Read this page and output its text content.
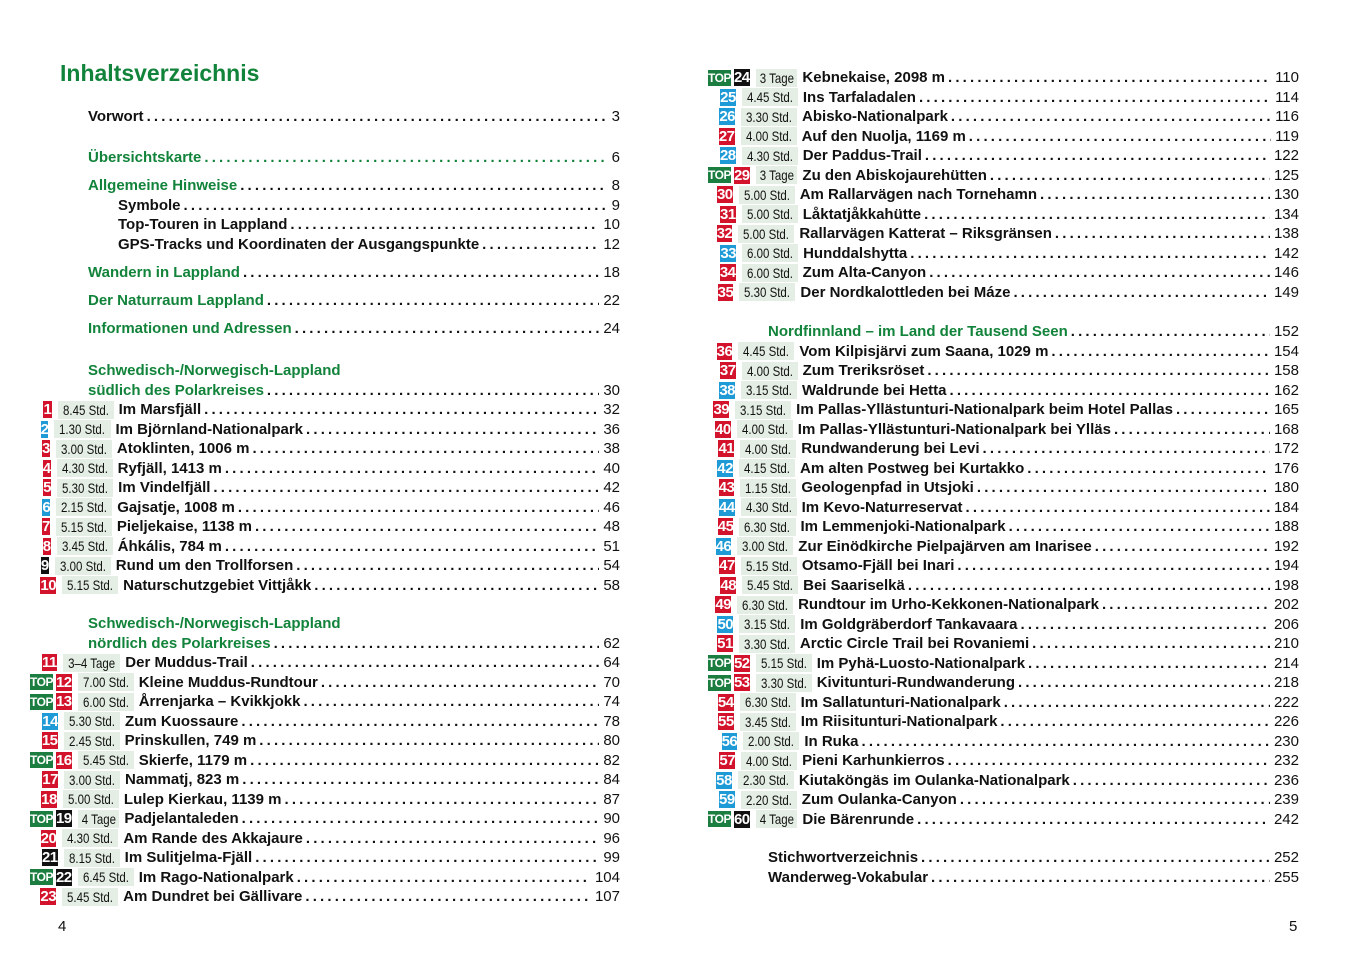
Inhaltsverzeichnis
Vorwort . . .	3
Übersichtskarte . . .	6
Allgemeine Hinweise . . .	8
Symbole . . .	9
Top-Touren in Lappland . . .	10
GPS-Tracks und Koordinaten der Ausgangspunkte . . .	12
Wandern in Lappland . . .	18
Der Naturraum Lappland . . .	22
Informationen und Adressen . . .	24
Schwedisch-/Norwegisch-Lappland
südlich des Polarkreises . . .	30
1 8.45 Std. Im Marsfjäll . . .	32
2 1.30 Std. Im Björnland-Nationalpark . . .	36
3 3.00 Std. Atoklinten, 1006 m . . .	38
4 4.30 Std. Ryfjäll, 1413 m . . .	40
5 5.30 Std. Im Vindelfjäll . . .	42
6 2.15 Std. Gajsatje, 1008 m . . .	46
7 5.15 Std. Pieljekaise, 1138 m . . .	48
8 3.45 Std. Áhkális, 784 m . . .	51
9 3.00 Std. Rund um den Trollforsen . . .	54
10 5.15 Std. Naturschutzgebiet Vittjåkk . . .	58
Schwedisch-/Norwegisch-Lappland
nördlich des Polarkreises . . .	62
11 3–4 Tage Der Muddus-Trail . . .	64
TOP 12 7.00 Std. Kleine Muddus-Rundtour . . .	70
TOP 13 6.00 Std. Årrenjarka – Kvikkjokk . . .	74
14 5.30 Std. Zum Kuossaure . . .	78
15 2.45 Std. Prinskullen, 749 m . . .	80
TOP 16 5.45 Std. Skierfe, 1179 m . . .	82
17 3.00 Std. Nammatj, 823 m . . .	84
18 5.00 Std. Lulep Kierkau, 1139 m . . .	87
TOP 19 4 Tage Padjelantaleden . . .	90
20 4.30 Std. Am Rande des Akkajaure . . .	96
21 8.15 Std. Im Sulitjelma-Fjäll . . .	99
TOP 22 6.45 Std. Im Rago-Nationalpark . . .	104
23 5.45 Std. Am Dundret bei Gällivare . . .	107
4
TOP 24 3 Tage Kebnekaise, 2098 m . . .	110
25 4.45 Std. Ins Tarfaladalen . . .	114
26 3.30 Std. Abisko-Nationalpark . . .	116
27 4.00 Std. Auf den Nuolja, 1169 m . . .	119
28 4.30 Std. Der Paddus-Trail . . .	122
TOP 29 3 Tage Zu den Abiskojaurehütten . . .	125
30 5.00 Std. Am Rallarvägen nach Tornehamn . . .	130
31 5.00 Std. Låktatjåkkahütte . . .	134
32 5.00 Std. Rallarvägen Katterat – Riksgränsen . . .	138
33 6.00 Std. Hunddalshytta . . .	142
34 6.00 Std. Zum Alta-Canyon . . .	146
35 5.30 Std. Der Nordkalottleden bei Máze . . .	149
Nordfinnland – im Land der Tausend Seen . . .	152
36 4.45 Std. Vom Kilpisjärvi zum Saana, 1029 m . . .	154
37 4.00 Std. Zum Treriksröset . . .	158
38 3.15 Std. Waldrunde bei Hetta . . .	162
39 3.15 Std. Im Pallas-Yllästunturi-Nationalpark beim Hotel Pallas . . .	165
40 4.00 Std. Im Pallas-Yllästunturi-Nationalpark bei Ylläs . . .	168
41 4.00 Std. Rundwanderung bei Levi . . .	172
42 4.15 Std. Am alten Postweg bei Kurtakko . . .	176
43 1.15 Std. Geologenpfad in Utsjoki . . .	180
44 4.30 Std. Im Kevo-Naturreservat . . .	184
45 6.30 Std. Im Lemmenjoki-Nationalpark . . .	188
46 3.00 Std. Zur Einödkirche Pielpajärven am Inarisee . . .	192
47 5.15 Std. Otsamo-Fjäll bei Inari . . .	194
48 5.45 Std. Bei Saariselkä . . .	198
49 6.30 Std. Rundtour im Urho-Kekkonen-Nationalpark . . .	202
50 3.15 Std. Im Goldgräberdorf Tankavaara . . .	206
51 3.30 Std. Arctic Circle Trail bei Rovaniemi . . .	210
TOP 52 5.15 Std. Im Pyhä-Luosto-Nationalpark . . .	214
TOP 53 3.30 Std. Kivitunturi-Rundwanderung . . .	218
54 6.30 Std. Im Sallatunturi-Nationalpark . . .	222
55 3.45 Std. Im Riisitunturi-Nationalpark . . .	226
56 2.00 Std. In Ruka . . .	230
57 4.00 Std. Pieni Karhunkierros . . .	232
58 2.30 Std. Kiutaköngäs im Oulanka-Nationalpark . . .	236
59 2.20 Std. Zum Oulanka-Canyon . . .	239
TOP 60 4 Tage Die Bärenrunde . . .	242
Stichwortverzeichnis . . .	252
Wanderweg-Vokabular . . .	255
5
